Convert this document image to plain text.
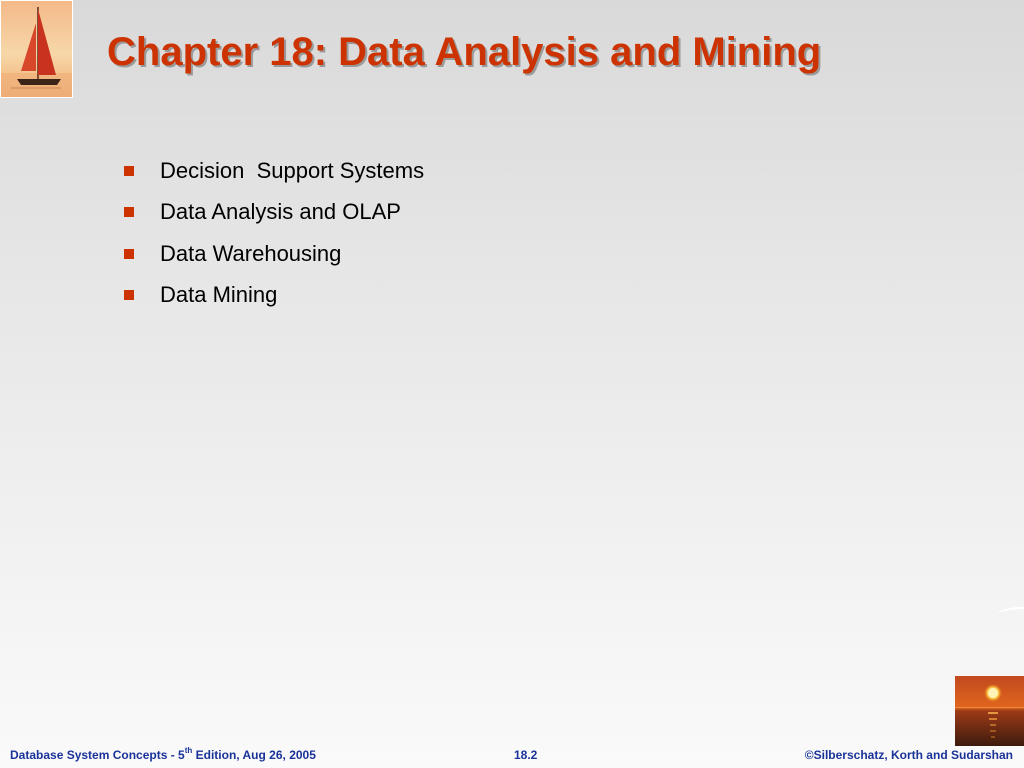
Chapter 18: Data Analysis and Mining
Decision  Support Systems
Data Analysis and OLAP
Data Warehousing
Data Mining
Database System Concepts - 5th Edition, Aug 26, 2005	18.2	©Silberschatz, Korth and Sudarshan
